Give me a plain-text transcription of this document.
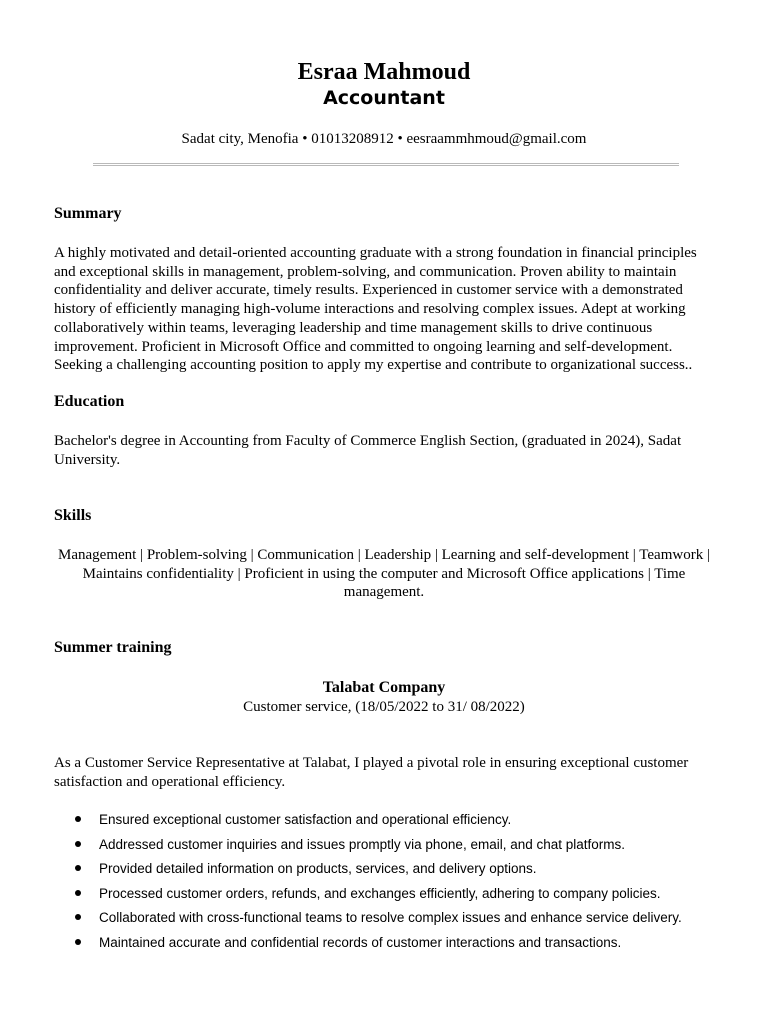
Esraa Mahmoud
Accountant
Sadat city, Menofia • 01013208912 • eesraammhmoud@gmail.com
Summary
A highly motivated and detail-oriented accounting graduate with a strong foundation in financial principles and exceptional skills in management, problem-solving, and communication. Proven ability to maintain confidentiality and deliver accurate, timely results. Experienced in customer service with a demonstrated history of efficiently managing high-volume interactions and resolving complex issues. Adept at working collaboratively within teams, leveraging leadership and time management skills to drive continuous improvement. Proficient in Microsoft Office and committed to ongoing learning and self-development. Seeking a challenging accounting position to apply my expertise and contribute to organizational success..
Education
Bachelor's degree in Accounting from Faculty of Commerce English Section, (graduated in 2024), Sadat University.
Skills
Management | Problem-solving | Communication | Leadership | Learning and self-development | Teamwork | Maintains confidentiality | Proficient in using the computer and Microsoft Office applications | Time management.
Summer training
Talabat Company
Customer service, (18/05/2022 to 31/ 08/2022)
As a Customer Service Representative at Talabat, I played a pivotal role in ensuring exceptional customer satisfaction and operational efficiency.
Ensured exceptional customer satisfaction and operational efficiency.
Addressed customer inquiries and issues promptly via phone, email, and chat platforms.
Provided detailed information on products, services, and delivery options.
Processed customer orders, refunds, and exchanges efficiently, adhering to company policies.
Collaborated with cross-functional teams to resolve complex issues and enhance service delivery.
Maintained accurate and confidential records of customer interactions and transactions.
